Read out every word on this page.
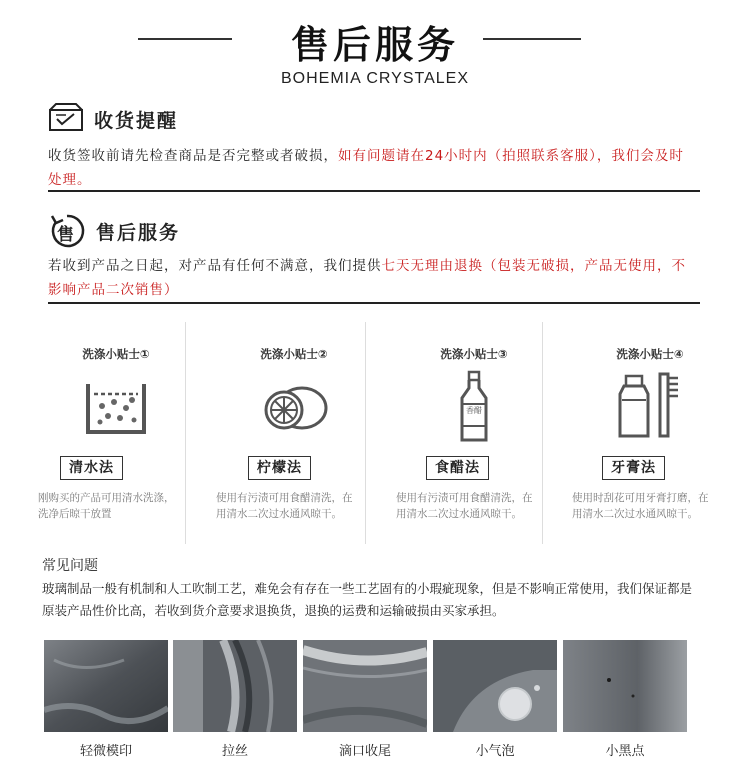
售后服务
BOHEMIA CRYSTALEX
收货提醒
收货签收前请先检查商品是否完整或者破损，如有问题请在24小时内（拍照联系客服），我们会及时处理。
售 售后服务
若收到产品之日起，对产品有任何不满意，我们提供七天无理由退换（包装无破损，产品无使用，不影响产品二次销售）
洗涤小贴士①
清水法
刚购买的产品可用清水洗涤，洗净后晾干放置
洗涤小贴士②
柠檬法
使用有污渍可用食醋清洗，在用清水二次过水通风晾干。
洗涤小贴士③
香醋
食醋法
使用有污渍可用食醋清洗，在用清水二次过水通风晾干。
洗涤小贴士④
牙膏法
使用时刮花可用牙膏打磨，在用清水二次过水通风晾干。
常见问题
玻璃制品一般有机制和人工吹制工艺，难免会有存在一些工艺固有的小瑕疵现象，但是不影响正常使用，我们保证都是原装产品性价比高，若收到货介意要求退换货，退换的运费和运输破损由买家承担。
轻微模印	拉丝	滴口收尾	小气泡	小黑点
